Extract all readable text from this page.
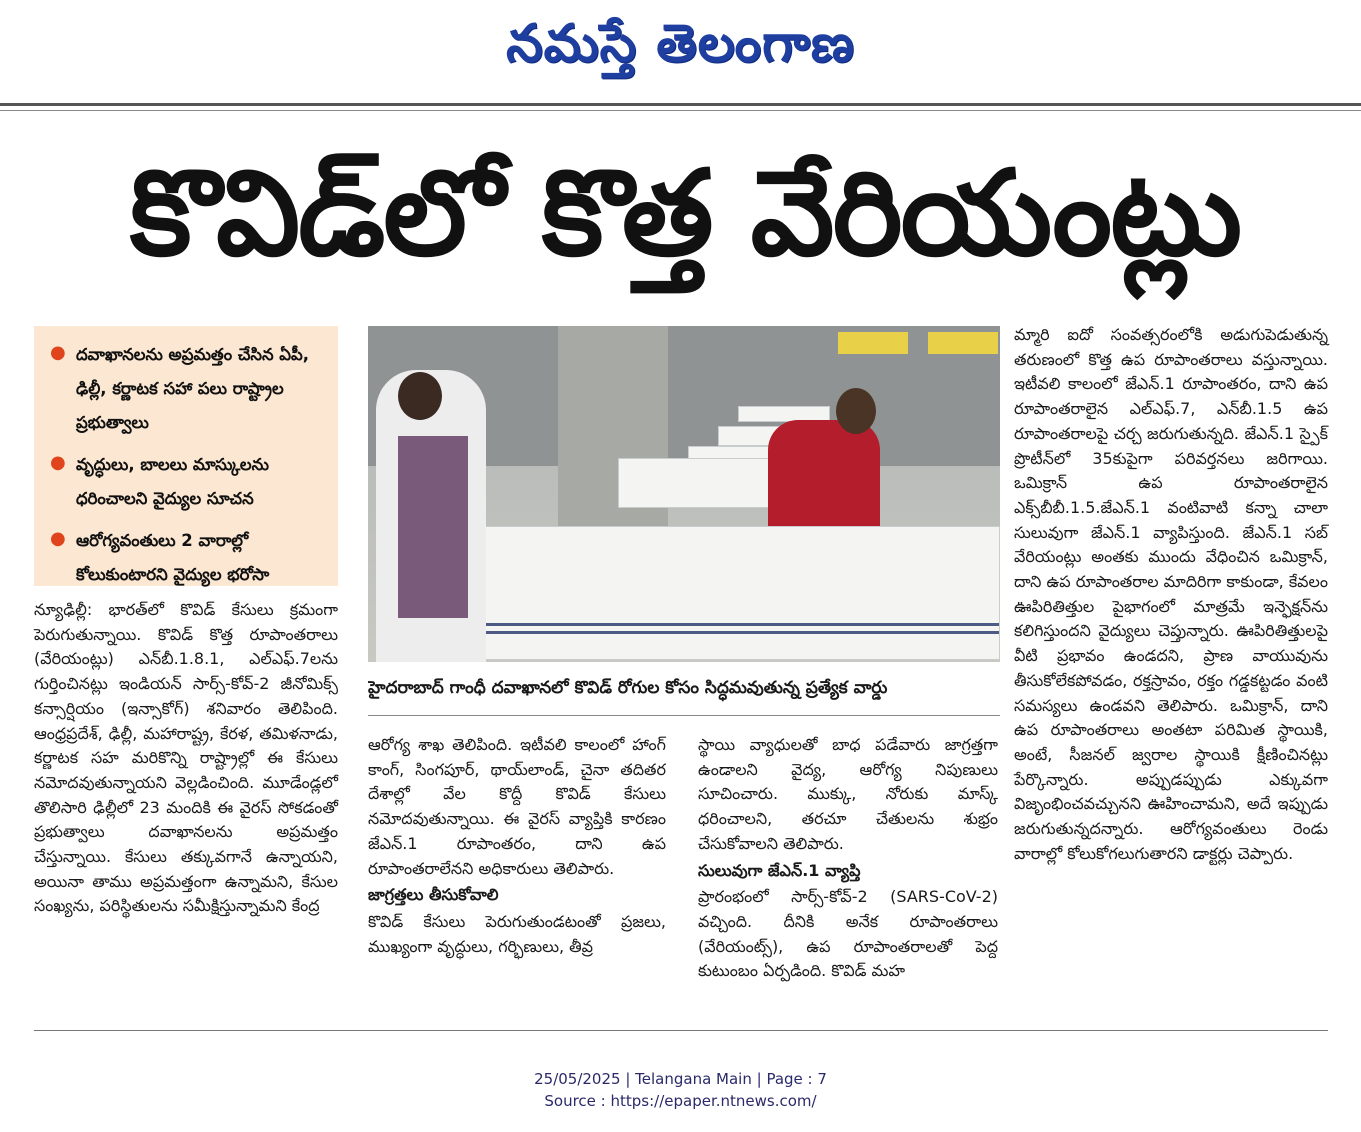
నమస్తే తెలంగాణ
కొవిడ్‌లో కొత్త వేరియంట్లు
● దవాఖానలను అప్రమత్తం చేసిన ఏపీ, ఢిల్లీ, కర్ణాటక సహా పలు రాష్ట్రాల ప్రభుత్వాలు
● వృద్ధులు, బాలలు మాస్కులను ధరించాలని వైద్యుల సూచన
● ఆరోగ్యవంతులు 2 వారాల్లో కోలుకుంటారని వైద్యుల భరోసా
హైదరాబాద్ గాంధీ దవాఖానలో కొవిడ్ రోగుల కోసం సిద్ధమవుతున్న ప్రత్యేక వార్డు

న్యూఢిల్లీ: భారత్‌లో కొవిడ్ కేసులు క్రమంగా పెరుగుతున్నాయి. కొవిడ్ కొత్త రూపాంతరాలు (వేరియంట్లు) ఎన్‌బీ.1.8.1, ఎల్‌ఎఫ్.7లను గుర్తించినట్లు ఇండియన్ సార్స్-కోవ్-2 జీనోమిక్స్ కన్సార్షియం (ఇన్సాకోగ్) శనివారం తెలిపింది. ఆంధ్రప్రదేశ్, ఢిల్లీ, మహారాష్ట్ర, కేరళ, తమిళనాడు, కర్ణాటక సహ మరికొన్ని రాష్ట్రాల్లో ఈ కేసులు నమోదవుతున్నాయని వెల్లడించింది. మూడేండ్లలో తొలిసారి ఢిల్లీలో 23 మందికి ఈ వైరస్ సోకడంతో ప్రభుత్వాలు దవాఖానలను అప్రమత్తం చేస్తున్నాయి. కేసులు తక్కువగానే ఉన్నాయని, అయినా తాము అప్రమత్తంగా ఉన్నామని, కేసుల సంఖ్యను, పరిస్థితులను సమీక్షిస్తున్నామని కేంద్ర

ఆరోగ్య శాఖ తెలిపింది. ఇటీవలి కాలంలో హాంగ్ కాంగ్, సింగపూర్, థాయ్‌లాండ్, చైనా తదితర దేశాల్లో వేల కొద్దీ కొవిడ్ కేసులు నమోదవుతున్నాయి. ఈ వైరస్ వ్యాప్తికి కారణం జేఎన్.1 రూపాంతరం, దాని ఉప రూపాంతరాలేనని అధికారులు తెలిపారు.

జాగ్రత్తలు తీసుకోవాలి

కొవిడ్ కేసులు పెరుగుతుండటంతో ప్రజలు, ముఖ్యంగా వృద్ధులు, గర్భిణులు, తీవ్ర

స్థాయి వ్యాధులతో బాధ పడేవారు జాగ్రత్తగా ఉండాలని వైద్య, ఆరోగ్య నిపుణులు సూచించారు. ముక్కు, నోరుకు మాస్క్ ధరించాలని, తరచూ చేతులను శుభ్రం చేసుకోవాలని తెలిపారు.

సులువుగా జేఎన్.1 వ్యాప్తి

ప్రారంభంలో సార్స్-కోవ్-2 (SARS-CoV-2) వచ్చింది. దీనికి అనేక రూపాంతరాలు (వేరియంట్స్), ఉప రూపాంతరాలతో పెద్ద కుటుంబం ఏర్పడింది. కొవిడ్ మహ

మ్మారి ఐదో సంవత్సరంలోకి అడుగుపెడుతున్న తరుణంలో కొత్త ఉప రూపాంతరాలు వస్తున్నాయి. ఇటీవలి కాలంలో జేఎన్.1 రూపాంతరం, దాని ఉప రూపాంతరాలైన ఎల్ఎఫ్.7, ఎన్‌బీ.1.5 ఉప రూపాంతరాలపై చర్చ జరుగుతున్నది. జేఎన్.1 స్పైక్ ప్రొటీన్‌లో 35కుపైగా పరివర్తనలు జరిగాయి. ఒమిక్రాన్ ఉప రూపాంతరాలైన ఎక్స్‌బీబీ.1.5.జేఎన్.1 వంటివాటి కన్నా చాలా సులువుగా జేఎన్.1 వ్యాపిస్తుంది. జేఎన్.1 సబ్ వేరియంట్లు అంతకు ముందు వేధించిన ఒమిక్రాన్, దాని ఉప రూపాంతరాల మాదిరిగా కాకుండా, కేవలం ఊపిరితిత్తుల పైభాగంలో మాత్రమే ఇన్ఫెక్షన్‌ను కలిగిస్తుందని వైద్యులు చెప్తున్నారు. ఊపిరితిత్తులపై వీటి ప్రభావం ఉండదని, ప్రాణ వాయువును తీసుకోలేకపోవడం, రక్తస్రావం, రక్తం గడ్డకట్టడం వంటి సమస్యలు ఉండవని తెలిపారు. ఒమిక్రాన్, దాని ఉప రూపాంతరాలు అంతటా పరిమిత స్థాయికి, అంటే, సీజనల్ జ్వరాల స్థాయికి క్షీణించినట్లు పేర్కొన్నారు. అప్పుడప్పుడు ఎక్కువగా విజృంభించవచ్చునని ఊహించామని, అదే ఇప్పుడు జరుగుతున్నదన్నారు. ఆరోగ్యవంతులు రెండు వారాల్లో కోలుకోగలుగుతారని డాక్టర్లు చెప్పారు.

25/05/2025 | Telangana Main | Page : 7
Source : https://epaper.ntnews.com/
